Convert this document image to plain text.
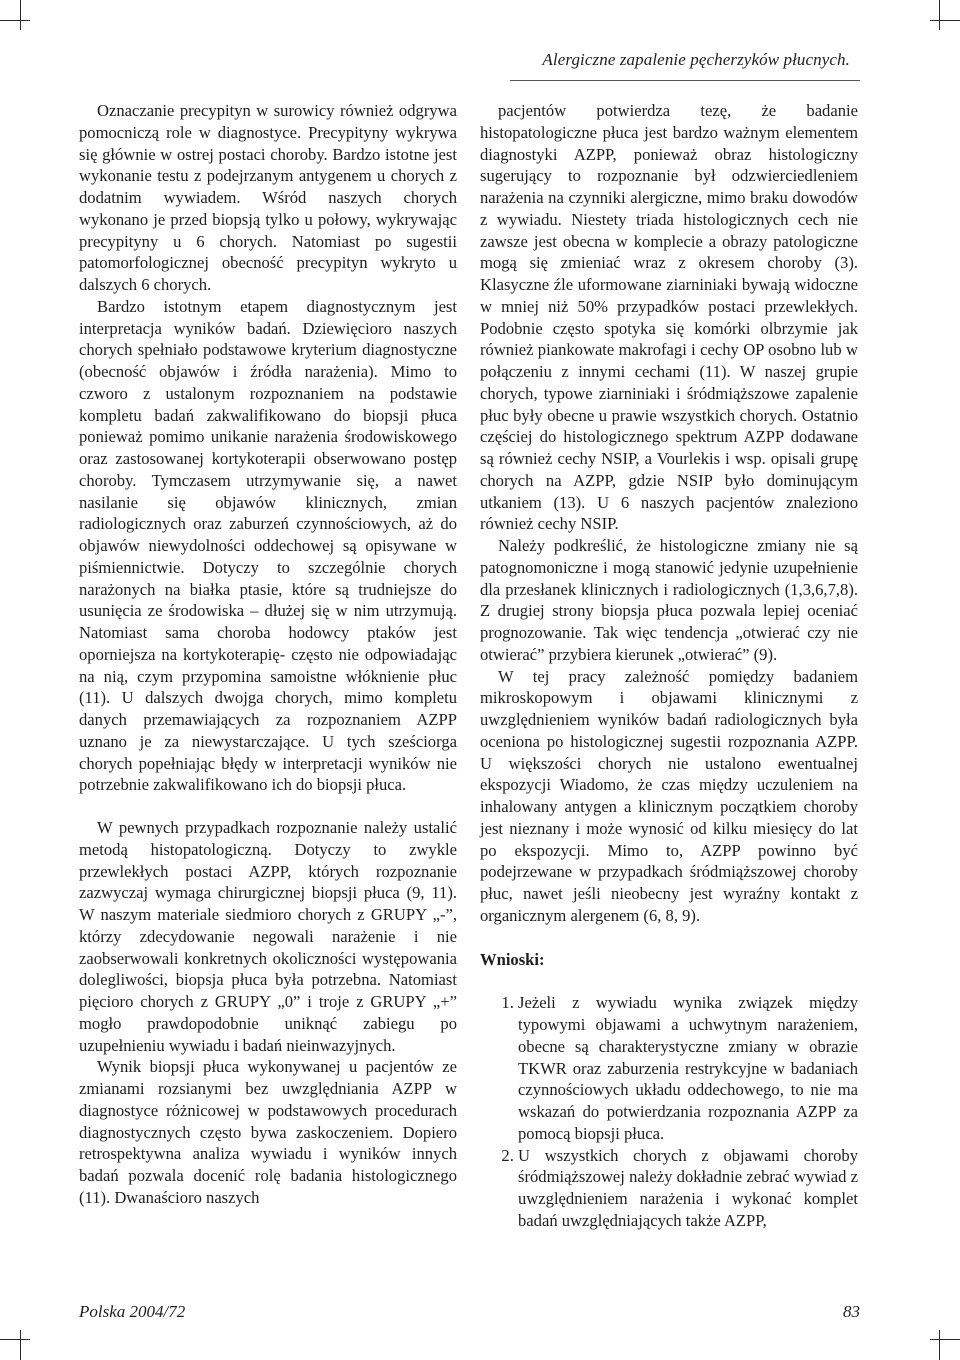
Alergiczne zapalenie pęcherzyków płucnych.

Oznaczanie precypityn w surowicy również odgrywa pomocniczą role w diagnostyce. Precypityny wykrywa się głównie w ostrej postaci choroby. Bardzo istotne jest wykonanie testu z podejrzanym antygenem u chorych z dodatnim wywiadem. Wśród naszych chorych wykonano je przed biopsją tylko u połowy, wykrywając precypityny u 6 chorych. Natomiast po sugestii patomorfologicznej obecność precypityn wykryto u dalszych 6 chorych.

Bardzo istotnym etapem diagnostycznym jest interpretacja wyników badań. Dziewięcioro naszych chorych spełniało podstawowe kryterium diagnostyczne (obecność objawów i źródła narażenia). Mimo to czworo z ustalonym rozpoznaniem na podstawie kompletu badań zakwalifikowano do biopsji płuca ponieważ pomimo unikanie narażenia środowiskowego oraz zastosowanej kortykoterapii obserwowano postęp choroby. Tymczasem utrzymywanie się, a nawet nasilanie się objawów klinicznych, zmian radiologicznych oraz zaburzeń czynnościowych, aż do objawów niewydolności oddechowej są opisywane w piśmiennictwie. Dotyczy to szczególnie chorych narażonych na białka ptasie, które są trudniejsze do usunięcia ze środowiska – dłużej się w nim utrzymują. Natomiast sama choroba hodowcy ptaków jest oporniejsza na kortykoterapię- często nie odpowiadając na nią, czym przypomina samoistne włóknienie płuc (11). U dalszych dwojga chorych, mimo kompletu danych przemawiających za rozpoznaniem AZPP uznano je za niewystarczające. U tych sześciorga chorych popełniając błędy w interpretacji wyników nie potrzebnie zakwalifikowano ich do biopsji płuca.

W pewnych przypadkach rozpoznanie należy ustalić metodą histopatologiczną. Dotyczy to zwykle przewlekłych postaci AZPP, których rozpoznanie zazwyczaj wymaga chirurgicznej biopsji płuca (9, 11). W naszym materiale siedmioro chorych z GRUPY „-”, którzy zdecydowanie negowali narażenie i nie zaobserwowali konkretnych okoliczności występowania dolegliwości, biopsja płuca była potrzebna. Natomiast pięcioro chorych z GRUPY „0” i troje z GRUPY „+” mogło prawdopodobnie uniknąć zabiegu po uzupełnieniu wywiadu i badań nieinwazyjnych.

Wynik biopsji płuca wykonywanej u pacjentów ze zmianami rozsianymi bez uwzględniania AZPP w diagnostyce różnicowej w podstawowych procedurach diagnostycznych często bywa zaskoczeniem. Dopiero retrospektywna analiza wywiadu i wyników innych badań pozwala docenić rolę badania histologicznego (11). Dwanaścioro naszych

pacjentów potwierdza tezę, że badanie histopatologiczne płuca jest bardzo ważnym elementem diagnostyki AZPP, ponieważ obraz histologiczny sugerujący to rozpoznanie był odzwierciedleniem narażenia na czynniki alergiczne, mimo braku dowodów z wywiadu. Niestety triada histologicznych cech nie zawsze jest obecna w komplecie a obrazy patologiczne mogą się zmieniać wraz z okresem choroby (3). Klasyczne źle uformowane ziarniniaki bywają widoczne w mniej niż 50% przypadków postaci przewlekłych. Podobnie często spotyka się komórki olbrzymie jak również piankowate makrofagi i cechy OP osobno lub w połączeniu z innymi cechami (11). W naszej grupie chorych, typowe ziarniniaki i śródmiąższowe zapalenie płuc były obecne u prawie wszystkich chorych. Ostatnio częściej do histologicznego spektrum AZPP dodawane są również cechy NSIP, a Vourlekis i wsp. opisali grupę chorych na AZPP, gdzie NSIP było dominującym utkaniem (13). U 6 naszych pacjentów znaleziono również cechy NSIP.

Należy podkreślić, że histologiczne zmiany nie są patognomoniczne i mogą stanowić jedynie uzupełnienie dla przesłanek klinicznych i radiologicznych (1,3,6,7,8). Z drugiej strony biopsja płuca pozwala lepiej oceniać prognozowanie. Tak więc tendencja „otwierać czy nie otwierać” przybiera kierunek „otwierać” (9).

W tej pracy zależność pomiędzy badaniem mikroskopowym i objawami klinicznymi z uwzględnieniem wyników badań radiologicznych była oceniona po histologicznej sugestii rozpoznania AZPP. U większości chorych nie ustalono ewentualnej ekspozycji Wiadomo, że czas między uczuleniem na inhalowany antygen a klinicznym początkiem choroby jest nieznany i może wynosić od kilku miesięcy do lat po ekspozycji. Mimo to, AZPP powinno być podejrzewane w przypadkach śródmiąższowej choroby płuc, nawet jeśli nieobecny jest wyraźny kontakt z organicznym alergenem (6, 8, 9).

Wnioski:

1. Jeżeli z wywiadu wynika związek między typowymi objawami a uchwytnym narażeniem, obecne są charakterystyczne zmiany w obrazie TKWR oraz zaburzenia restrykcyjne w badaniach czynnościowych układu oddechowego, to nie ma wskazań do potwierdzania rozpoznania AZPP za pomocą biopsji płuca.
2. U wszystkich chorych z objawami choroby śródmiąższowej należy dokładnie zebrać wywiad z uwzględnieniem narażenia i wykonać komplet badań uwzględniających także AZPP,
Polska 2004/72	83
